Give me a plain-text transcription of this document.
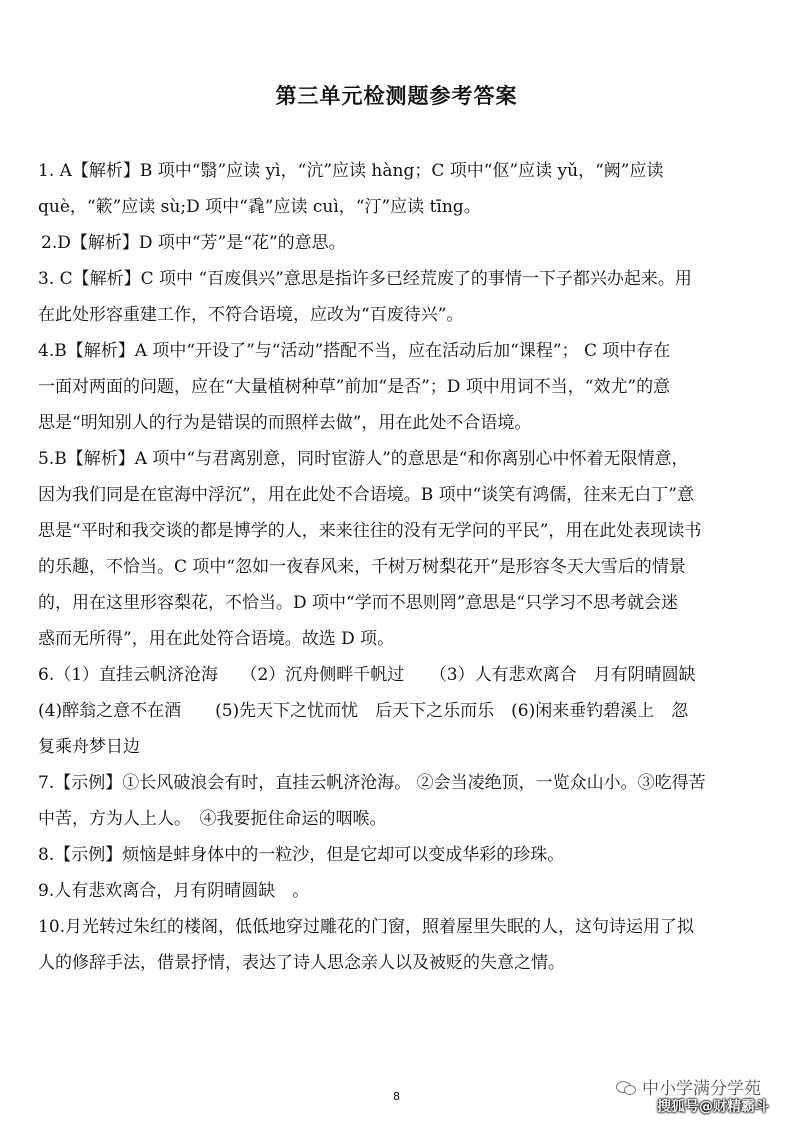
第三单元检测题参考答案
1. A【解析】B 项中“翳”应读 yì，“沆”应读 hàng；C 项中“伛”应读 yǔ，“阙”应读
què，“簌”应读 sù;D 项中“毳”应读 cuì，“汀”应读 tīng。
2.D【解析】D 项中“芳”是“花”的意思。
3. C【解析】C 项中 “百废俱兴”意思是指许多已经荒废了的事情一下子都兴办起来。用
在此处形容重建工作，不符合语境，应改为“百废待兴”。
4.B【解析】A 项中“开设了”与“活动”搭配不当，应在活动后加“课程”； C 项中存在
一面对两面的问题，应在“大量植树种草”前加“是否”；D 项中用词不当，“效尤”的意
思是“明知别人的行为是错误的而照样去做”，用在此处不合语境。
5.B【解析】A 项中“与君离别意，同时宦游人”的意思是“和你离别心中怀着无限情意，
因为我们同是在宦海中浮沉”，用在此处不合语境。B 项中“谈笑有鸿儒，往来无白丁”意
思是“平时和我交谈的都是博学的人，来来往往的没有无学问的平民”，用在此处表现读书
的乐趣，不恰当。C 项中“忽如一夜春风来，千树万树梨花开”是形容冬天大雪后的情景
的，用在这里形容梨花，不恰当。D 项中“学而不思则罔”意思是“只学习不思考就会迷
惑而无所得”，用在此处符合语境。故选 D 项。
6.（1）直挂云帆济沧海　 （2）沉舟侧畔千帆过　　（3）人有悲欢离合　月有阴晴圆缺
(4)醉翁之意不在酒　　(5)先天下之忧而忧　后天下之乐而乐　(6)闲来垂钓碧溪上　忽
复乘舟梦日边
7.【示例】①长风破浪会有时，直挂云帆济沧海。 ②会当凌绝顶，一览众山小。③吃得苦
中苦，方为人上人。　④我要扼住命运的咽喉。
8.【示例】烦恼是蚌身体中的一粒沙，但是它却可以变成华彩的珍珠。
9.人有悲欢离合，月有阴晴圆缺　。
10.月光转过朱红的楼阁，低低地穿过雕花的门窗，照着屋里失眠的人，这句诗运用了拟
人的修辞手法，借景抒情，表达了诗人思念亲人以及被贬的失意之情。
8	中小学满分学苑
搜狐号@财精霸斗
